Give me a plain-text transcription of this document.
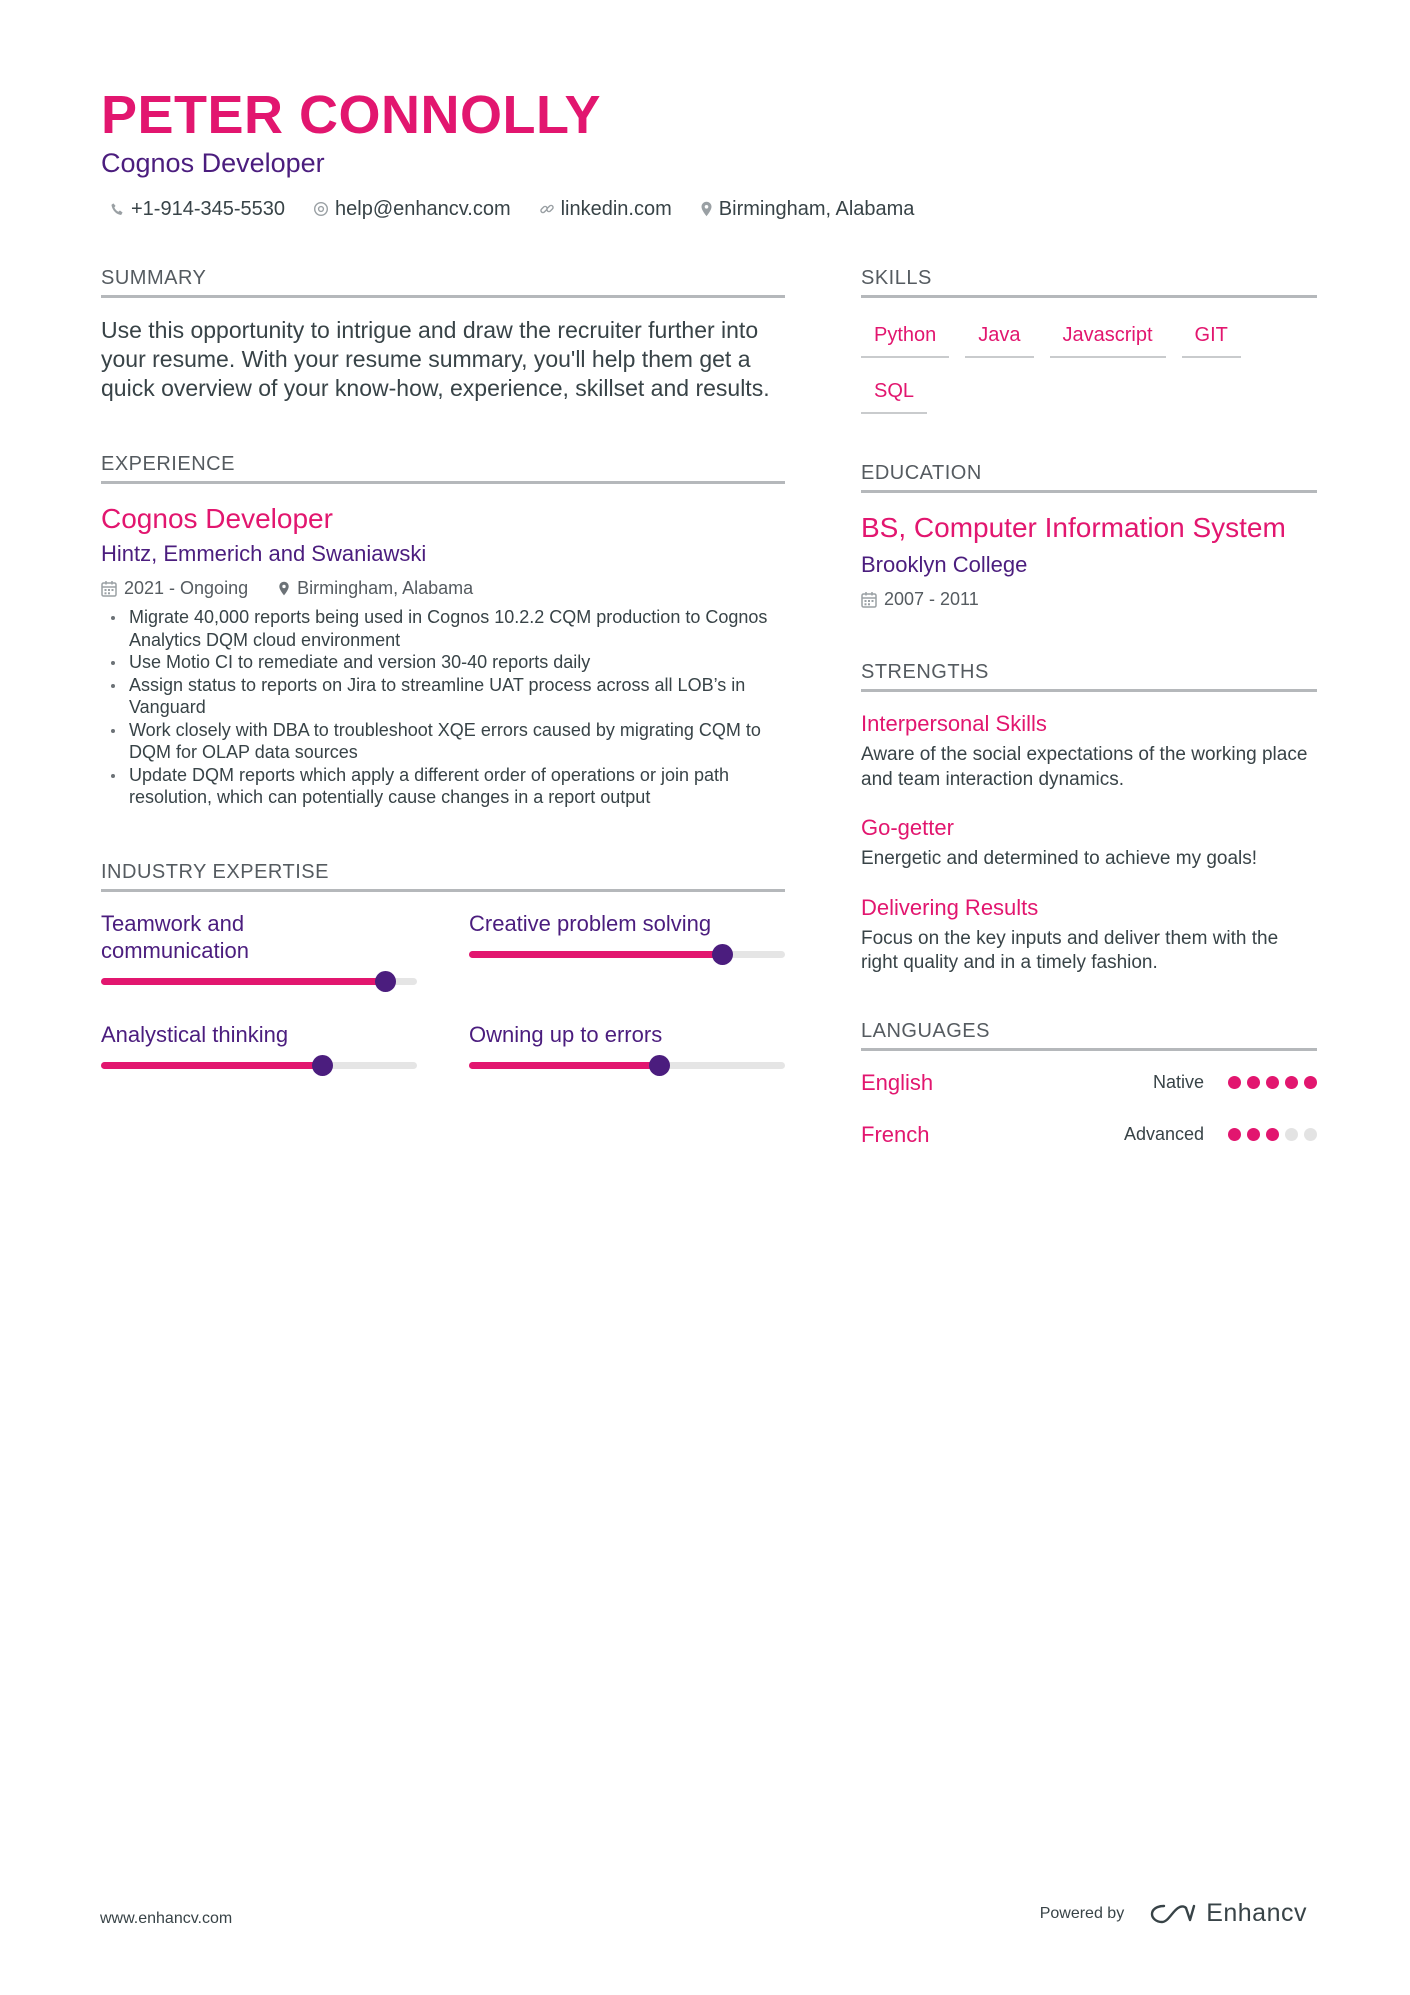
PETER CONNOLLY
Cognos Developer
+1-914-345-5530	help@enhancv.com	linkedin.com Birmingham, Alabama
SUMMARY
Use this opportunity to intrigue and draw the recruiter further into your resume. With your resume summary, you'll help them get a quick overview of your know-how, experience, skillset and results.
EXPERIENCE
Cognos Developer
Hintz, Emmerich and Swaniawski
2021 - Ongoing	Birmingham, Alabama
Migrate 40,000 reports being used in Cognos 10.2.2 CQM production to Cognos Analytics DQM cloud environment
Use Motio CI to remediate and version 30-40 reports daily
Assign status to reports on Jira to streamline UAT process across all LOB’s in Vanguard
Work closely with DBA to troubleshoot XQE errors caused by migrating CQM to DQM for OLAP data sources
Update DQM reports which apply a different order of operations or join path resolution, which can potentially cause changes in a report output
INDUSTRY EXPERTISE
Teamwork and communication
Creative problem solving
Analystical thinking	Owning up to errors
SKILLS
Python	Java	Javascript	GIT
SQL
EDUCATION
BS, Computer Information System
Brooklyn College
2007 - 2011
STRENGTHS
Interpersonal Skills
Aware of the social expectations of the working place and team interaction dynamics.
Go-getter
Energetic and determined to achieve my goals!
Delivering Results
Focus on the key inputs and deliver them with the right quality and in a timely fashion.
LANGUAGES
English	Native
French	Advanced
www.enhancv.com	Powered by	Enhancv
